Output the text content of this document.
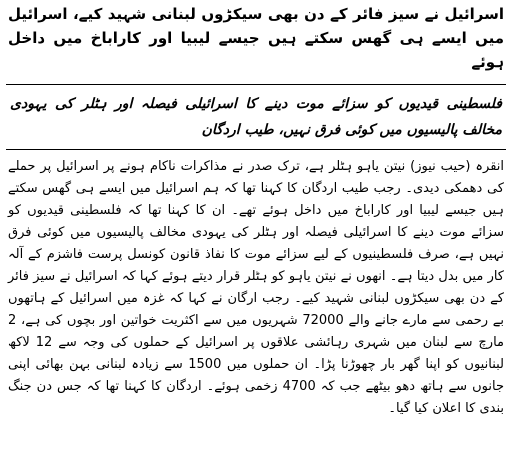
اسرائیل نے سیز فائر کے دن بھی سیکڑوں لبنانی شہید کیے، اسرائیل میں ایسے ہی گھس سکتے ہیں جیسے لیبیا اور کاراباخ میں داخل ہوئے
فلسطینی قیدیوں کو سزائے موت دینے کا اسرائیلی فیصلہ اور ہٹلر کی یہودی مخالف پالیسیوں میں کوئی فرق نہیں، طیب اردگان

انقرہ (حیب نیوز) نیتن یاہو ہٹلر ہے، ترک صدر نے مذاکرات ناکام ہونے پر اسرائیل پر حملے کی دھمکی دیدی۔ رجب طیب اردگان کا کہنا تھا کہ ہم اسرائیل میں ایسے ہی گھس سکتے ہیں جیسے لیبیا اور کاراباخ میں داخل ہوئے تھے۔ ان کا کہنا تھا کہ فلسطینی قیدیوں کو سزائے موت دینے کا اسرائیلی فیصلہ اور ہٹلر کی یہودی مخالف پالیسیوں میں کوئی فرق نہیں ہے، صرف فلسطینیوں کے لیے سزائے موت کا نفاذ قانون کونسل پرست فاشزم کے آلہ کار میں بدل دیتا ہے۔ انھوں نے نیتن یاہو کو ہٹلر قرار دیتے ہوئے کہا کہ اسرائیل نے سیز فائر کے دن بھی سیکڑوں لبنانی شہید کیے۔ رجب ارگان نے کہا کہ غزہ میں اسرائیل کے ہاتھوں بے رحمی سے مارے جانے والے 72000 شہریوں میں سے اکثریت خواتین اور بچوں کی ہے، 2 مارچ سے لبنان میں شہری رہائشی علاقوں پر اسرائیل کے حملوں کی وجہ سے 12 لاکھ لبنانیوں کو اپنا گھر بار چھوڑنا پڑا۔ ان حملوں میں 1500 سے زیادہ لبنانی بہن بھائی اپنی جانوں سے ہاتھ دھو بیٹھے جب کہ 4700 زخمی ہوئے۔ اردگان کا کہنا تھا کہ جس دن جنگ بندی کا اعلان کیا گیا۔
